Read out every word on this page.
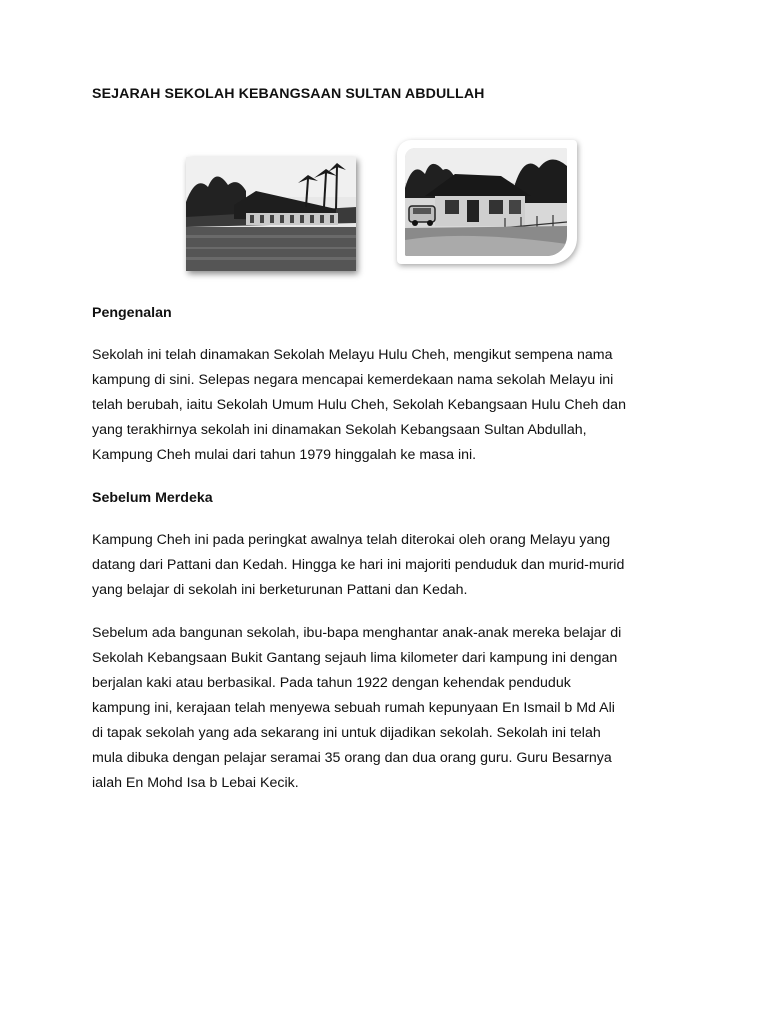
SEJARAH SEKOLAH KEBANGSAAN SULTAN ABDULLAH
Pengenalan

Sekolah ini telah dinamakan Sekolah Melayu Hulu Cheh, mengikut sempena nama
kampung di sini. Selepas negara mencapai kemerdekaan nama sekolah Melayu ini
telah berubah, iaitu Sekolah Umum Hulu Cheh, Sekolah Kebangsaan Hulu Cheh dan
yang terakhirnya sekolah ini dinamakan Sekolah Kebangsaan Sultan Abdullah,
Kampung Cheh mulai dari tahun 1979 hinggalah ke masa ini.

Sebelum Merdeka

Kampung Cheh ini pada peringkat awalnya telah diterokai oleh orang Melayu yang
datang dari Pattani dan Kedah. Hingga ke hari ini majoriti penduduk dan murid-murid
yang belajar di sekolah ini berketurunan Pattani dan Kedah.

Sebelum ada bangunan sekolah, ibu-bapa menghantar anak-anak mereka belajar di
Sekolah Kebangsaan Bukit Gantang sejauh lima kilometer dari kampung ini dengan
berjalan kaki atau berbasikal. Pada tahun 1922 dengan kehendak penduduk
kampung ini, kerajaan telah menyewa sebuah rumah kepunyaan En Ismail b Md Ali
di tapak sekolah yang ada sekarang ini untuk dijadikan sekolah. Sekolah ini telah
mula dibuka dengan pelajar seramai 35 orang dan dua orang guru. Guru Besarnya
ialah En Mohd Isa b Lebai Kecik.
